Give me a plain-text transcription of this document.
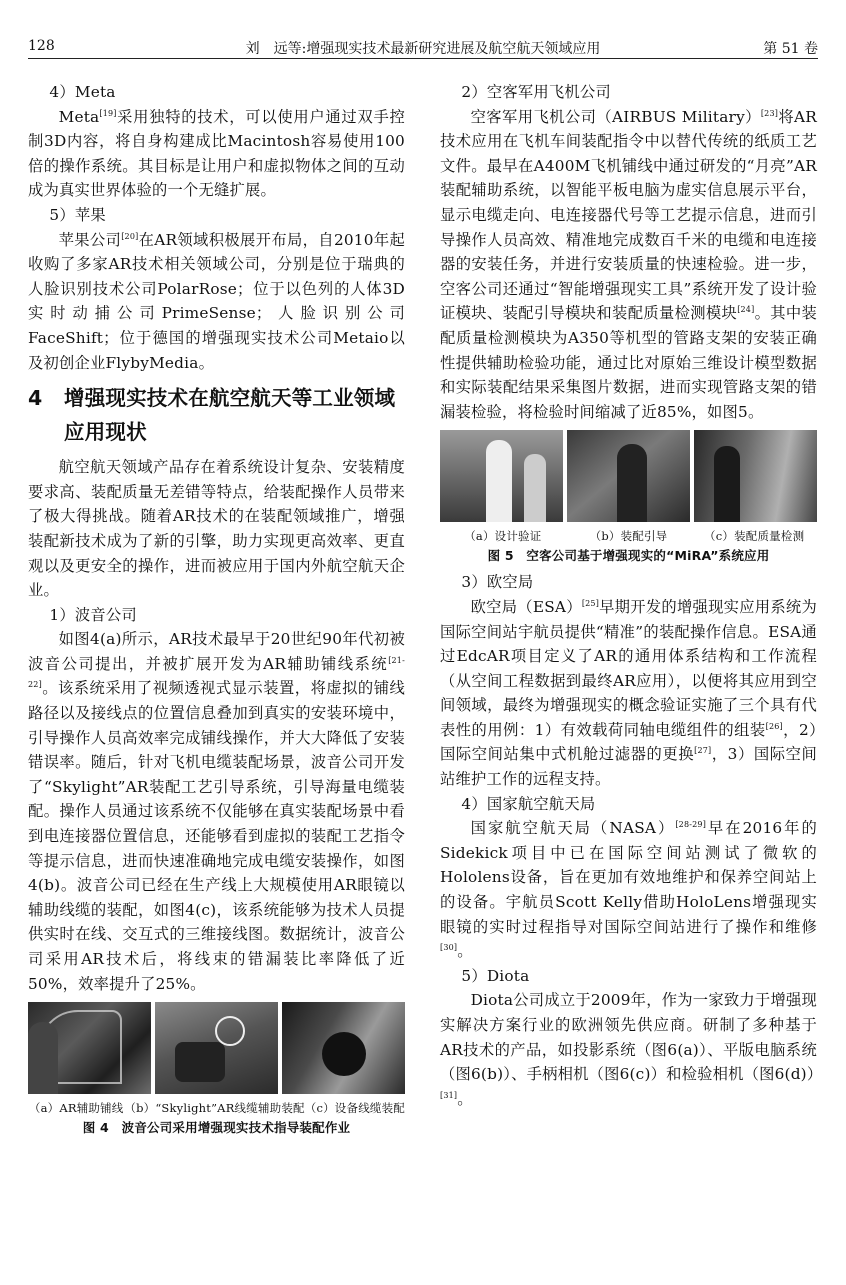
128	刘　远等:增强现实技术最新研究进展及航空航天领域应用	第 51 卷

4）Meta

Meta[19]采用独特的技术，可以使用户通过双手控制3D内容，将自身构建成比Macintosh容易使用100倍的操作系统。其目标是让用户和虚拟物体之间的互动成为真实世界体验的一个无缝扩展。

5）苹果

苹果公司[20]在AR领域积极展开布局，自2010年起收购了多家AR技术相关领域公司，分别是位于瑞典的人脸识别技术公司PolarRose；位于以色列的人体3D实时动捕公司PrimeSense；人脸识别公司FaceShift；位于德国的增强现实技术公司Metaio以及初创企业FlybyMedia。

4	增强现实技术在航空航天等工业领域应用现状

航空航天领域产品存在着系统设计复杂、安装精度要求高、装配质量无差错等特点，给装配操作人员带来了极大得挑战。随着AR技术的在装配领域推广，增强装配新技术成为了新的引擎，助力实现更高效率、更直观以及更安全的操作，进而被应用于国内外航空航天企业。

1）波音公司

如图4(a)所示，AR技术最早于20世纪90年代初被波音公司提出，并被扩展开发为AR辅助铺线系统[21-22]。该系统采用了视频透视式显示装置，将虚拟的铺线路径以及接线点的位置信息叠加到真实的安装环境中，引导操作人员高效率完成铺线操作，并大大降低了安装错误率。随后，针对飞机电缆装配场景，波音公司开发了“Skylight”AR装配工艺引导系统，引导海量电缆装配。操作人员通过该系统不仅能够在真实装配场景中看到电连接器位置信息，还能够看到虚拟的装配工艺指令等提示信息，进而快速准确地完成电缆安装操作，如图4(b)。波音公司已经在生产线上大规模使用AR眼镜以辅助线缆的装配，如图4(c)，该系统能够为技术人员提供实时在线、交互式的三维接线图。数据统计，波音公司采用AR技术后，将线束的错漏装比率降低了近50%，效率提升了25%。

（a）AR辅助铺线 （b）“Skylight”AR线缆辅助装配 （c）设备线缆装配
图 4　波音公司采用增强现实技术指导装配作业

2）空客军用飞机公司

空客军用飞机公司（AIRBUS Military）[23]将AR技术应用在飞机车间装配指令中以替代传统的纸质工艺文件。最早在A400M飞机铺线中通过研发的“月亮”AR装配辅助系统，以智能平板电脑为虚实信息展示平台，显示电缆走向、电连接器代号等工艺提示信息，进而引导操作人员高效、精准地完成数百千米的电缆和电连接器的安装任务，并进行安装质量的快速检验。进一步，空客公司还通过“智能增强现实工具”系统开发了设计验证模块、装配引导模块和装配质量检测模块[24]。其中装配质量检测模块为A350等机型的管路支架的安装正确性提供辅助检验功能，通过比对原始三维设计模型数据和实际装配结果采集图片数据，进而实现管路支架的错漏装检验，将检验时间缩减了近85%，如图5。

（a）设计验证	（b）装配引导	（c）装配质量检测
图 5　空客公司基于增强现实的“MiRA”系统应用

3）欧空局

欧空局（ESA）[25]早期开发的增强现实应用系统为国际空间站宇航员提供“精准”的装配操作信息。ESA通过EdcAR项目定义了AR的通用体系结构和工作流程（从空间工程数据到最终AR应用），以便将其应用到空间领域，最终为增强现实的概念验证实施了三个具有代表性的用例：1）有效载荷同轴电缆组件的组装[26]，2）国际空间站集中式机舱过滤器的更换[27]，3）国际空间站维护工作的远程支持。

4）国家航空航天局

国家航空航天局（NASA）[28-29]早在2016年的Sidekick项目中已在国际空间站测试了微软的Hololens设备，旨在更加有效地维护和保养空间站上的设备。宇航员Scott Kelly借助HoloLens增强现实眼镜的实时过程指导对国际空间站进行了操作和维修[30]。

5）Diota

Diota公司成立于2009年，作为一家致力于增强现实解决方案行业的欧洲领先供应商。研制了多种基于AR技术的产品，如投影系统（图6(a)）、平版电脑系统（图6(b)）、手柄相机（图6(c)）和检验相机（图6(d)）[31]。
